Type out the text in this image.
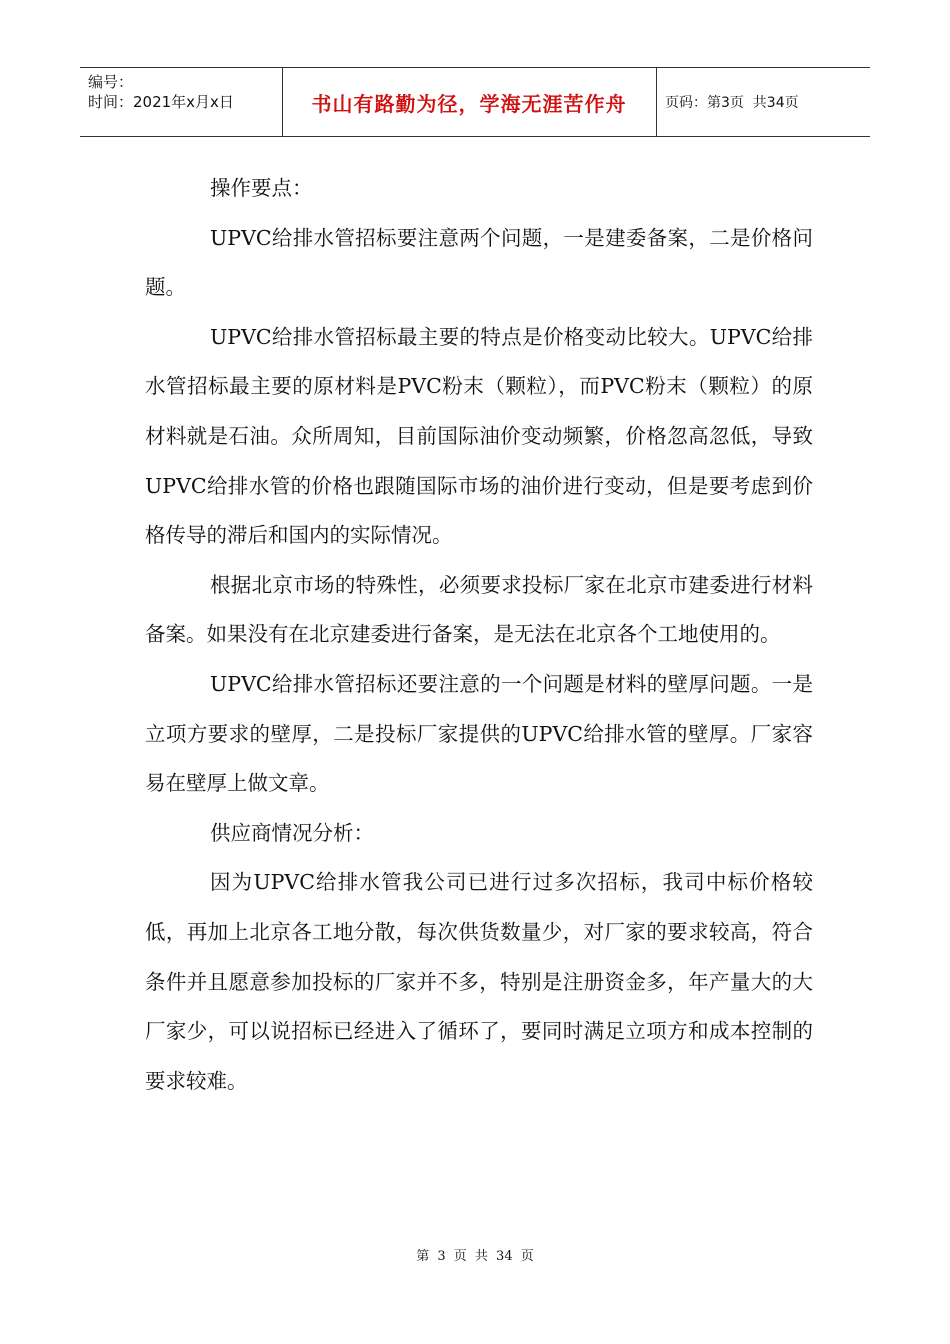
编号：
时间：2021年x月x日	书山有路勤为径，学海无涯苦作舟	页码：第3页  共34页

操作要点：

UPVC给排水管招标要注意两个问题，一是建委备案，二是价格问题。

UPVC给排水管招标最主要的特点是价格变动比较大。UPVC给排水管招标最主要的原材料是PVC粉末（颗粒），而PVC粉末（颗粒）的原材料就是石油。众所周知，目前国际油价变动频繁，价格忽高忽低，导致UPVC给排水管的价格也跟随国际市场的油价进行变动，但是要考虑到价格传导的滞后和国内的实际情况。

根据北京市场的特殊性，必须要求投标厂家在北京市建委进行材料备案。如果没有在北京建委进行备案，是无法在北京各个工地使用的。

UPVC给排水管招标还要注意的一个问题是材料的壁厚问题。一是立项方要求的壁厚，二是投标厂家提供的UPVC给排水管的壁厚。厂家容易在壁厚上做文章。

供应商情况分析：

因为UPVC给排水管我公司已进行过多次招标，我司中标价格较低，再加上北京各工地分散，每次供货数量少，对厂家的要求较高，符合条件并且愿意参加投标的厂家并不多，特别是注册资金多，年产量大的大厂家少，可以说招标已经进入了循环了，要同时满足立项方和成本控制的要求较难。

第 3 页 共 34 页
